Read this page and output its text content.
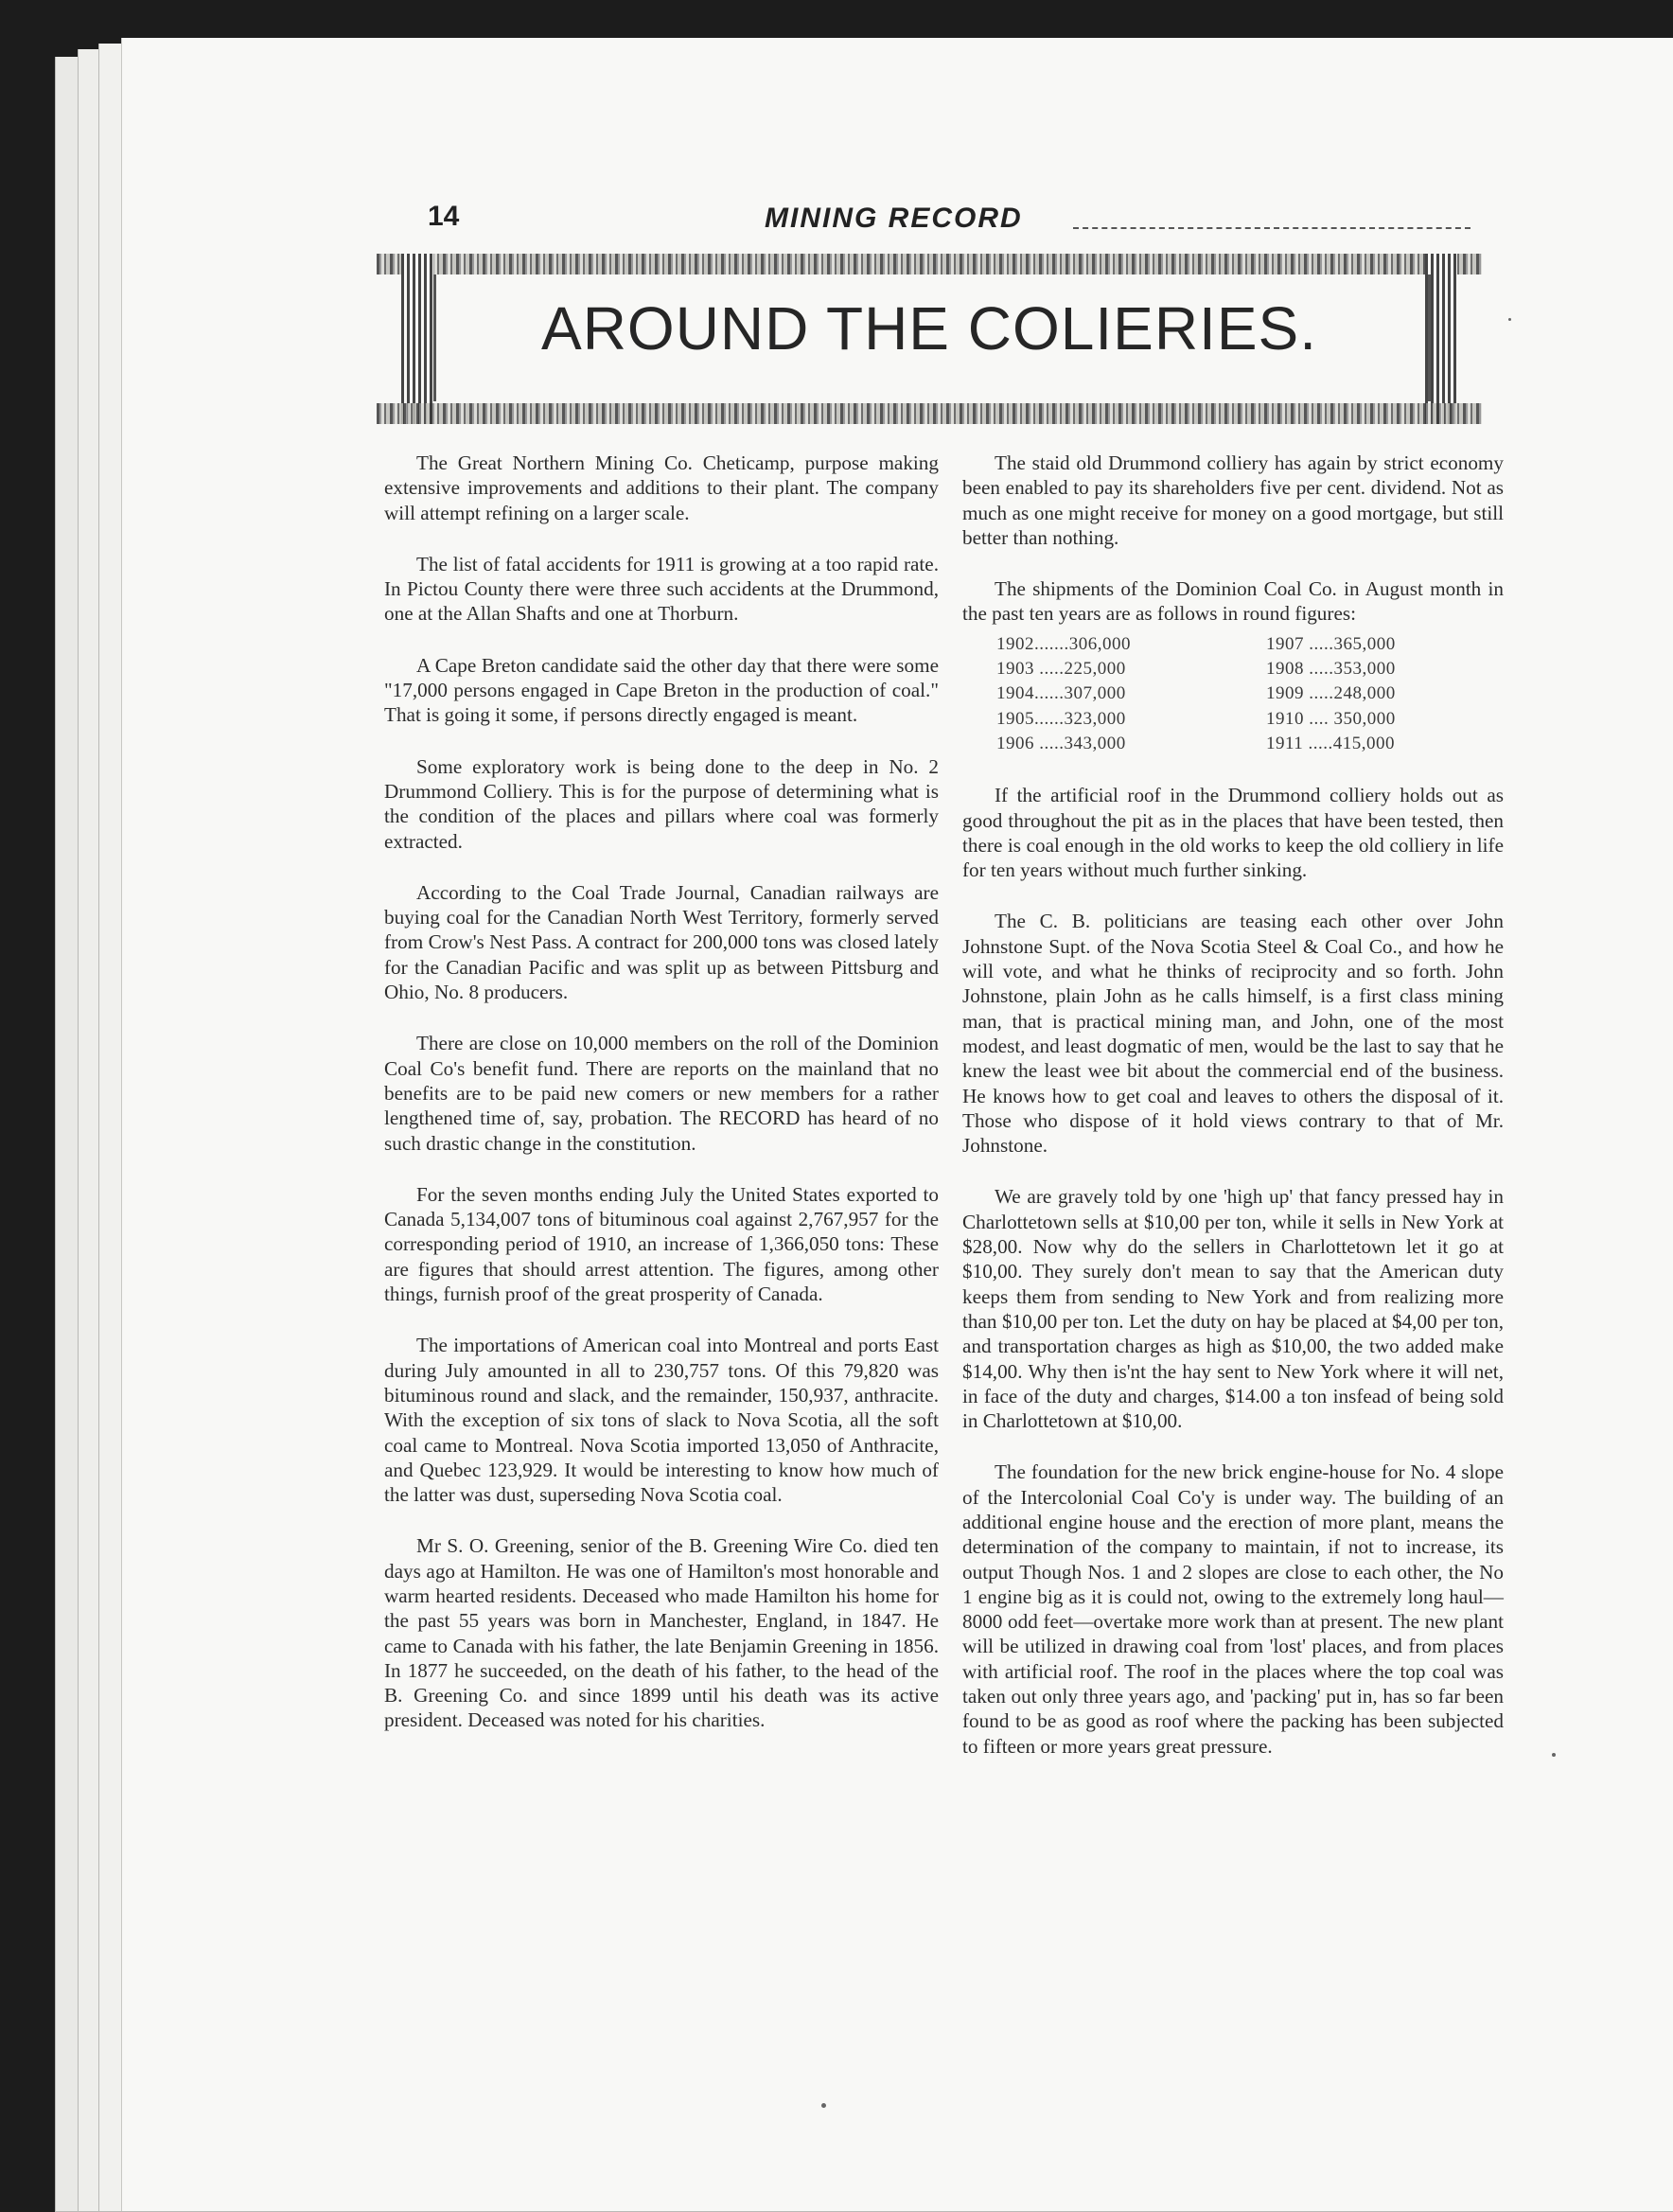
14	MINING RECORD
AROUND THE COLIERIES.

The Great Northern Mining Co. Cheticamp, purpose making extensive improvements and additions to their plant. The company will attempt refining on a larger scale.

The list of fatal accidents for 1911 is growing at a too rapid rate. In Pictou County there were three such accidents at the Drummond, one at the Allan Shafts and one at Thorburn.

A Cape Breton candidate said the other day that there were some "17,000 persons engaged in Cape Breton in the production of coal." That is going it some, if persons directly engaged is meant.

Some exploratory work is being done to the deep in No. 2 Drummond Colliery. This is for the purpose of determining what is the condition of the places and pillars where coal was formerly extracted.

According to the Coal Trade Journal, Canadian railways are buying coal for the Canadian North West Territory, formerly served from Crow's Nest Pass. A contract for 200,000 tons was closed lately for the Canadian Pacific and was split up as between Pittsburg and Ohio, No. 8 producers.

There are close on 10,000 members on the roll of the Dominion Coal Co's benefit fund. There are reports on the mainland that no benefits are to be paid new comers or new members for a rather lengthened time of, say, probation. The RECORD has heard of no such drastic change in the constitution.

For the seven months ending July the United States exported to Canada 5,134,007 tons of bituminous coal against 2,767,957 for the corresponding period of 1910, an increase of 1,366,050 tons: These are figures that should arrest attention. The figures, among other things, furnish proof of the great prosperity of Canada.

The importations of American coal into Montreal and ports East during July amounted in all to 230,757 tons. Of this 79,820 was bituminous round and slack, and the remainder, 150,937, anthracite. With the exception of six tons of slack to Nova Scotia, all the soft coal came to Montreal. Nova Scotia imported 13,050 of Anthracite, and Quebec 123,929. It would be interesting to know how much of the latter was dust, superseding Nova Scotia coal.

Mr S. O. Greening, senior of the B. Greening Wire Co. died ten days ago at Hamilton. He was one of Hamilton's most honorable and warm hearted residents. Deceased who made Hamilton his home for the past 55 years was born in Manchester, England, in 1847. He came to Canada with his father, the late Benjamin Greening in 1856. In 1877 he succeeded, on the death of his father, to the head of the B. Greening Co. and since 1899 until his death was its active president. Deceased was noted for his charities.

The staid old Drummond colliery has again by strict economy been enabled to pay its shareholders five per cent. dividend. Not as much as one might receive for money on a good mortgage, but still better than nothing.

The shipments of the Dominion Coal Co. in August month in the past ten years are as follows in round figures:

1902.......306,000
1903 .....225,000
1904......307,000
1905......323,000
1906 .....343,000
1907 .....365,000
1908 .....353,000
1909 .....248,000
1910 .... 350,000
1911 .....415,000

If the artificial roof in the Drummond colliery holds out as good throughout the pit as in the places that have been tested, then there is coal enough in the old works to keep the old colliery in life for ten years without much further sinking.

The C. B. politicians are teasing each other over John Johnstone Supt. of the Nova Scotia Steel & Coal Co., and how he will vote, and what he thinks of reciprocity and so forth. John Johnstone, plain John as he calls himself, is a first class mining man, that is practical mining man, and John, one of the most modest, and least dogmatic of men, would be the last to say that he knew the least wee bit about the commercial end of the business. He knows how to get coal and leaves to others the disposal of it. Those who dispose of it hold views contrary to that of Mr. Johnstone.

We are gravely told by one 'high up' that fancy pressed hay in Charlottetown sells at $10,00 per ton, while it sells in New York at $28,00. Now why do the sellers in Charlottetown let it go at $10,00. They surely don't mean to say that the American duty keeps them from sending to New York and from realizing more than $10,00 per ton. Let the duty on hay be placed at $4,00 per ton, and transportation charges as high as $10,00, the two added make $14,00. Why then is'nt the hay sent to New York where it will net, in face of the duty and charges, $14.00 a ton insfead of being sold in Charlottetown at $10,00.

The foundation for the new brick engine-house for No. 4 slope of the Intercolonial Coal Co'y is under way. The building of an additional engine house and the erection of more plant, means the determination of the company to maintain, if not to increase, its output Though Nos. 1 and 2 slopes are close to each other, the No 1 engine big as it is could not, owing to the extremely long haul—8000 odd feet—overtake more work than at present. The new plant will be utilized in drawing coal from 'lost' places, and from places with artificial roof. The roof in the places where the top coal was taken out only three years ago, and 'packing' put in, has so far been found to be as good as roof where the packing has been subjected to fifteen or more years great pressure.
